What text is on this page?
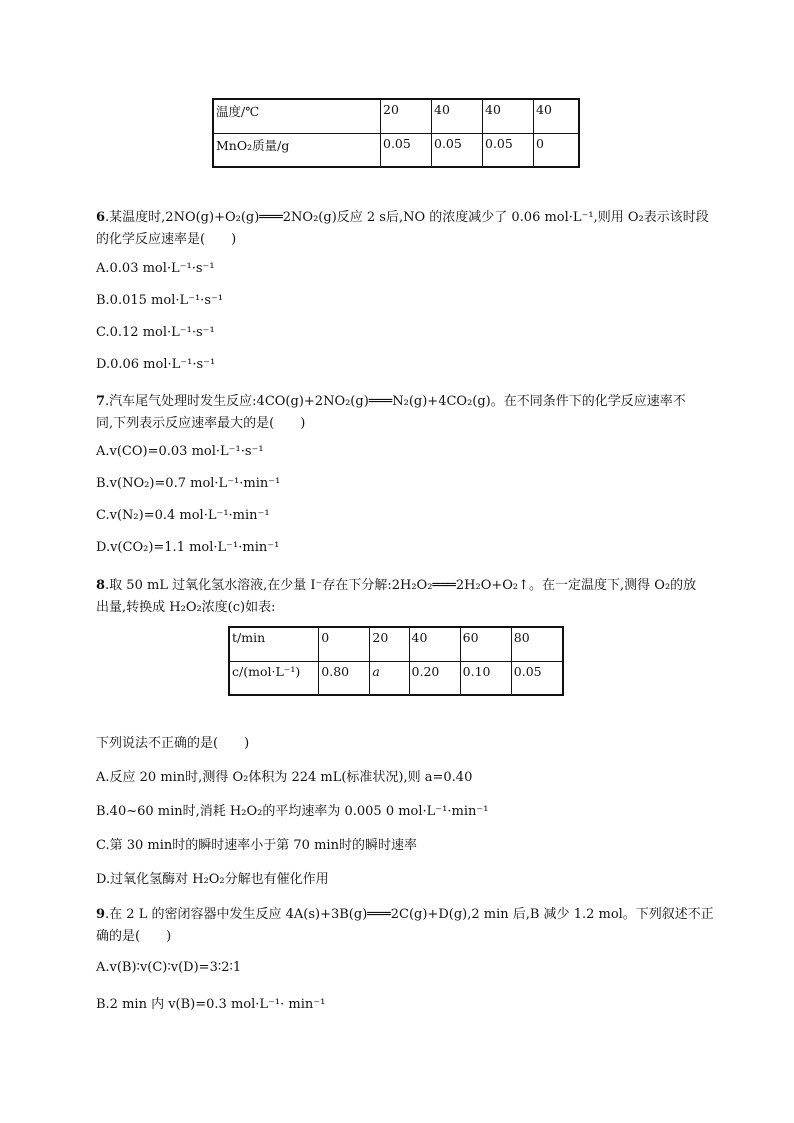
温度/℃	20	40	40	40
MnO₂质量/g	0.05	0.05	0.05	0
6.某温度时,2NO(g)+O₂(g)═══2NO₂(g)反应 2 s后,NO 的浓度减少了 0.06 mol·L⁻¹,则用 O₂表示该时段
的化学反应速率是(　　)
A.0.03 mol·L⁻¹·s⁻¹
B.0.015 mol·L⁻¹·s⁻¹
C.0.12 mol·L⁻¹·s⁻¹
D.0.06 mol·L⁻¹·s⁻¹
7.汽车尾气处理时发生反应:4CO(g)+2NO₂(g)═══N₂(g)+4CO₂(g)。在不同条件下的化学反应速率不
同,下列表示反应速率最大的是(　　)
A.v(CO)=0.03 mol·L⁻¹·s⁻¹
B.v(NO₂)=0.7 mol·L⁻¹·min⁻¹
C.v(N₂)=0.4 mol·L⁻¹·min⁻¹
D.v(CO₂)=1.1 mol·L⁻¹·min⁻¹
8.取 50 mL 过氧化氢水溶液,在少量 I⁻存在下分解:2H₂O₂═══2H₂O+O₂↑。在一定温度下,测得 O₂的放
出量,转换成 H₂O₂浓度(c)如表:
t/min	0	20	40	60	80
c/(mol·L⁻¹)	0.80	a	0.20	0.10	0.05
下列说法不正确的是(　　)
A.反应 20 min时,测得 O₂体积为 224 mL(标准状况),则 a=0.40
B.40~60 min时,消耗 H₂O₂的平均速率为 0.005 0 mol·L⁻¹·min⁻¹
C.第 30 min时的瞬时速率小于第 70 min时的瞬时速率
D.过氧化氢酶对 H₂O₂分解也有催化作用
9.在 2 L 的密闭容器中发生反应 4A(s)+3B(g)═══2C(g)+D(g),2 min 后,B 减少 1.2 mol。下列叙述不正
确的是(　　)
A.v(B)∶v(C)∶v(D)=3∶2∶1
B.2 min 内 v(B)=0.3 mol·L⁻¹· min⁻¹
